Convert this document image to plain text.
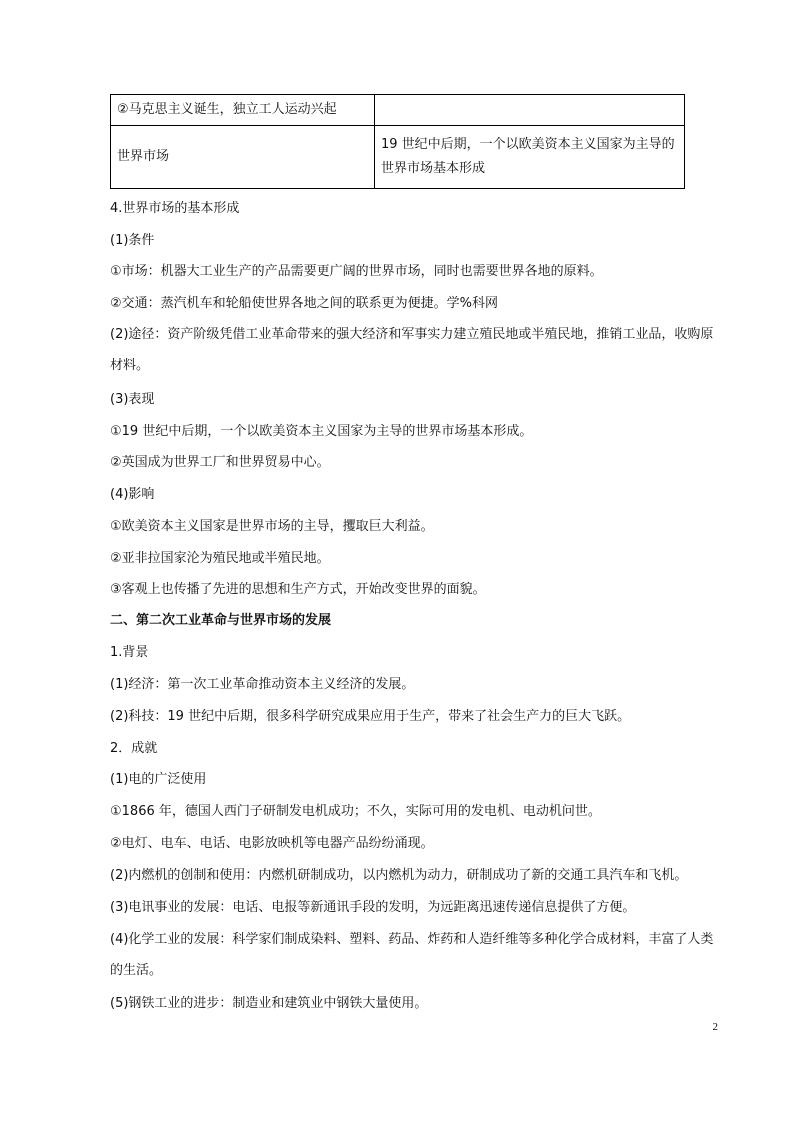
②马克思主义诞生，独立工人运动兴起	
世界市场	19 世纪中后期，一个以欧美资本主义国家为主导的世界市场基本形成
4.世界市场的基本形成
(1)条件
①市场：机器大工业生产的产品需要更广阔的世界市场，同时也需要世界各地的原料。
②交通：蒸汽机车和轮船使世界各地之间的联系更为便捷。学%科网
(2)途径：资产阶级凭借工业革命带来的强大经济和军事实力建立殖民地或半殖民地，推销工业品，收购原材料。
(3)表现
①19 世纪中后期，一个以欧美资本主义国家为主导的世界市场基本形成。
②英国成为世界工厂和世界贸易中心。
(4)影响
①欧美资本主义国家是世界市场的主导，攫取巨大利益。
②亚非拉国家沦为殖民地或半殖民地。
③客观上也传播了先进的思想和生产方式，开始改变世界的面貌。
二、第二次工业革命与世界市场的发展
1.背景
(1)经济：第一次工业革命推动资本主义经济的发展。
(2)科技：19 世纪中后期，很多科学研究成果应用于生产，带来了社会生产力的巨大飞跃。
2．成就
(1)电的广泛使用
①1866 年，德国人西门子研制发电机成功；不久，实际可用的发电机、电动机问世。
②电灯、电车、电话、电影放映机等电器产品纷纷涌现。
(2)内燃机的创制和使用：内燃机研制成功，以内燃机为动力，研制成功了新的交通工具汽车和飞机。
(3)电讯事业的发展：电话、电报等新通讯手段的发明，为远距离迅速传递信息提供了方便。
(4)化学工业的发展：科学家们制成染料、塑料、药品、炸药和人造纤维等多种化学合成材料，丰富了人类的生活。
(5)钢铁工业的进步：制造业和建筑业中钢铁大量使用。
2
